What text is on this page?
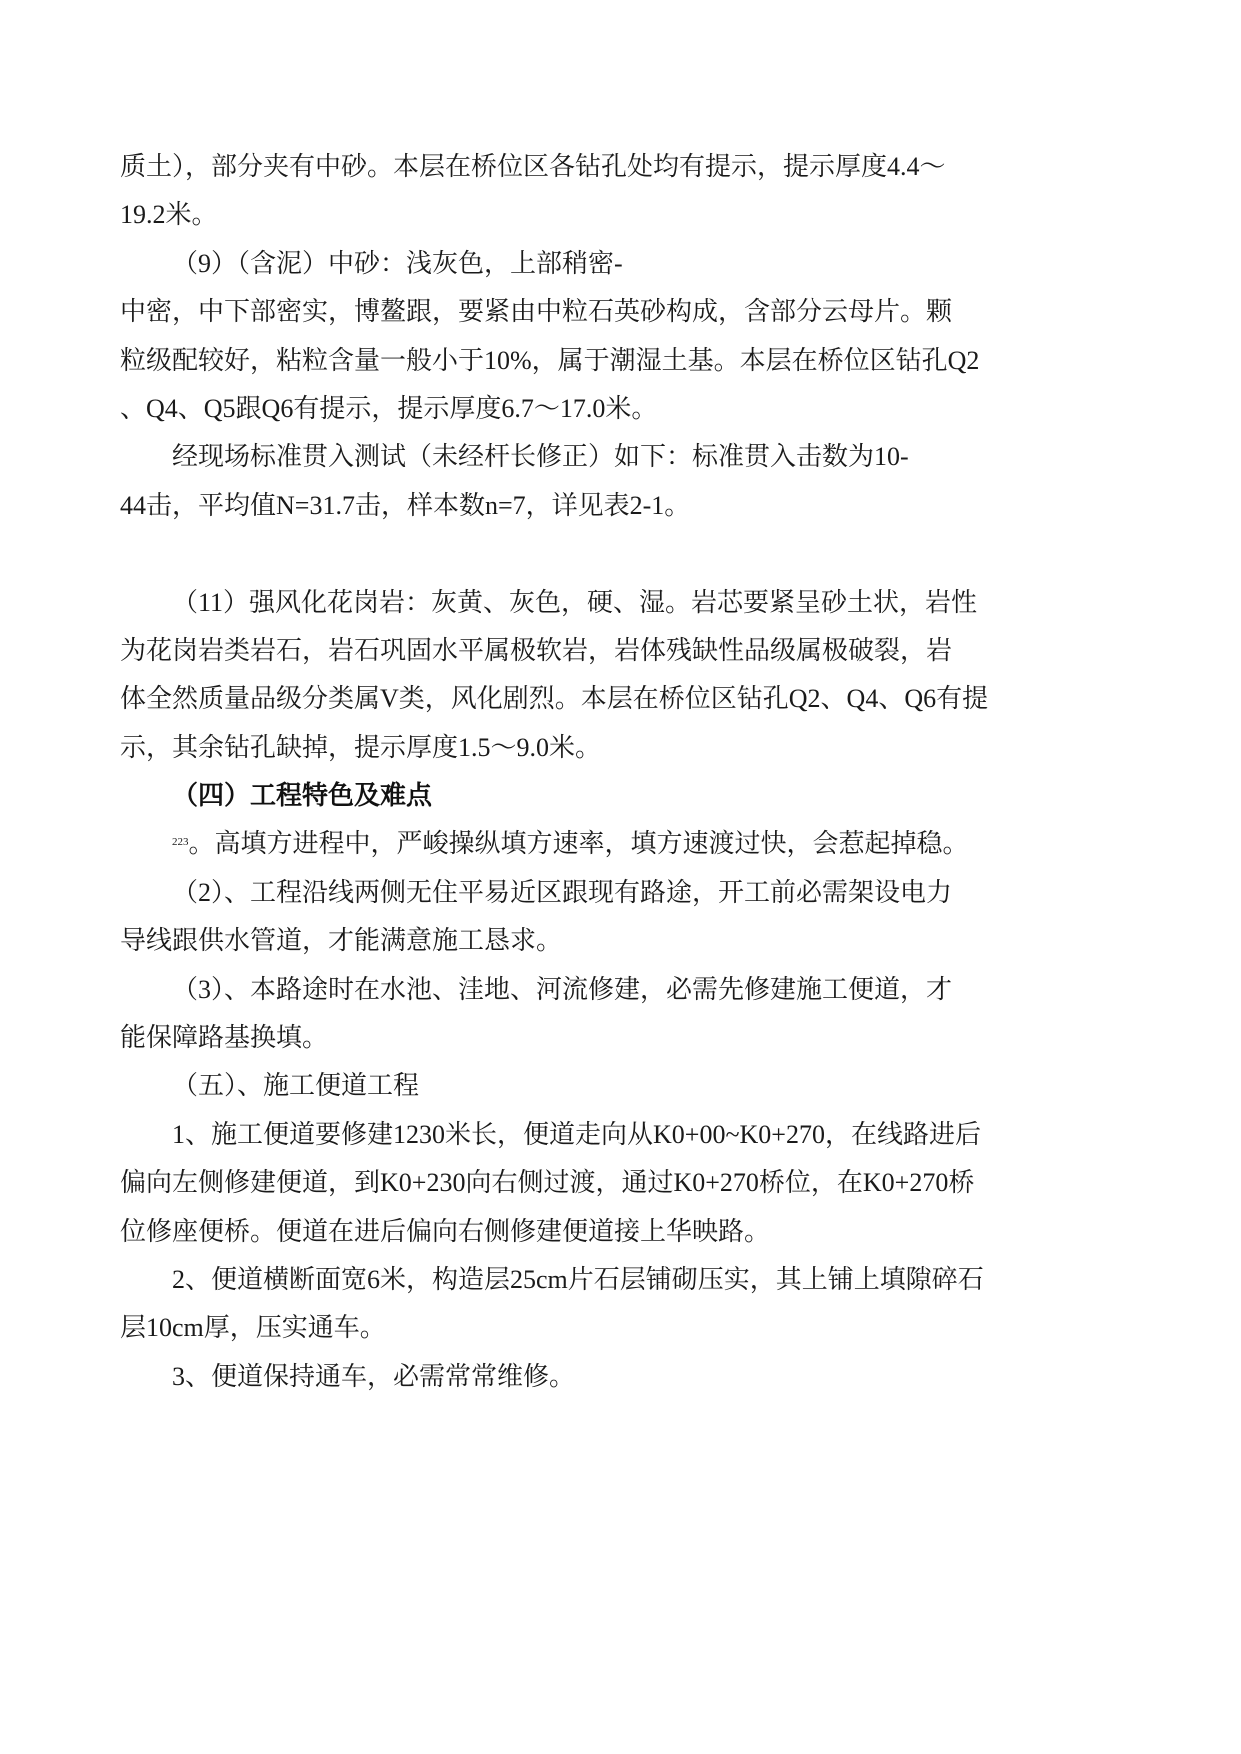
质土），部分夹有中砂。本层在桥位区各钻孔处均有提示，提示厚度4.4～
19.2米。
（9）（含泥）中砂：浅灰色，上部稍密-
中密，中下部密实，博鳌跟，要紧由中粒石英砂构成，含部分云母片。颗
粒级配较好，粘粒含量一般小于10%，属于潮湿土基。本层在桥位区钻孔Q2
、Q4、Q5跟Q6有提示，提示厚度6.7～17.0米。
经现场标准贯入测试（未经杆长修正）如下：标准贯入击数为10-
44击，平均值N=31.7击，样本数n=7，详见表2-1。
（11）强风化花岗岩：灰黄、灰色，硬、湿。岩芯要紧呈砂土状，岩性
为花岗岩类岩石，岩石巩固水平属极软岩，岩体残缺性品级属极破裂，岩
体全然质量品级分类属V类，风化剧烈。本层在桥位区钻孔Q2、Q4、Q6有提
示，其余钻孔缺掉，提示厚度1.5～9.0米。
（四）工程特色及难点
$^{223}$。高填方进程中，严峻操纵填方速率，填方速渡过快，会惹起掉稳。
（2）、工程沿线两侧无住平易近区跟现有路途，开工前必需架设电力
导线跟供水管道，才能满意施工恳求。
（3）、本路途时在水池、洼地、河流修建，必需先修建施工便道，才
能保障路基换填。
（五）、施工便道工程
1、施工便道要修建1230米长，便道走向从K0+00~K0+270，在线路进后
偏向左侧修建便道，到K0+230向右侧过渡，通过K0+270桥位，在K0+270桥
位修座便桥。便道在进后偏向右侧修建便道接上华映路。
2、便道横断面宽6米，构造层25cm片石层铺砌压实，其上铺上填隙碎石
层10cm厚，压实通车。
3、便道保持通车，必需常常维修。
